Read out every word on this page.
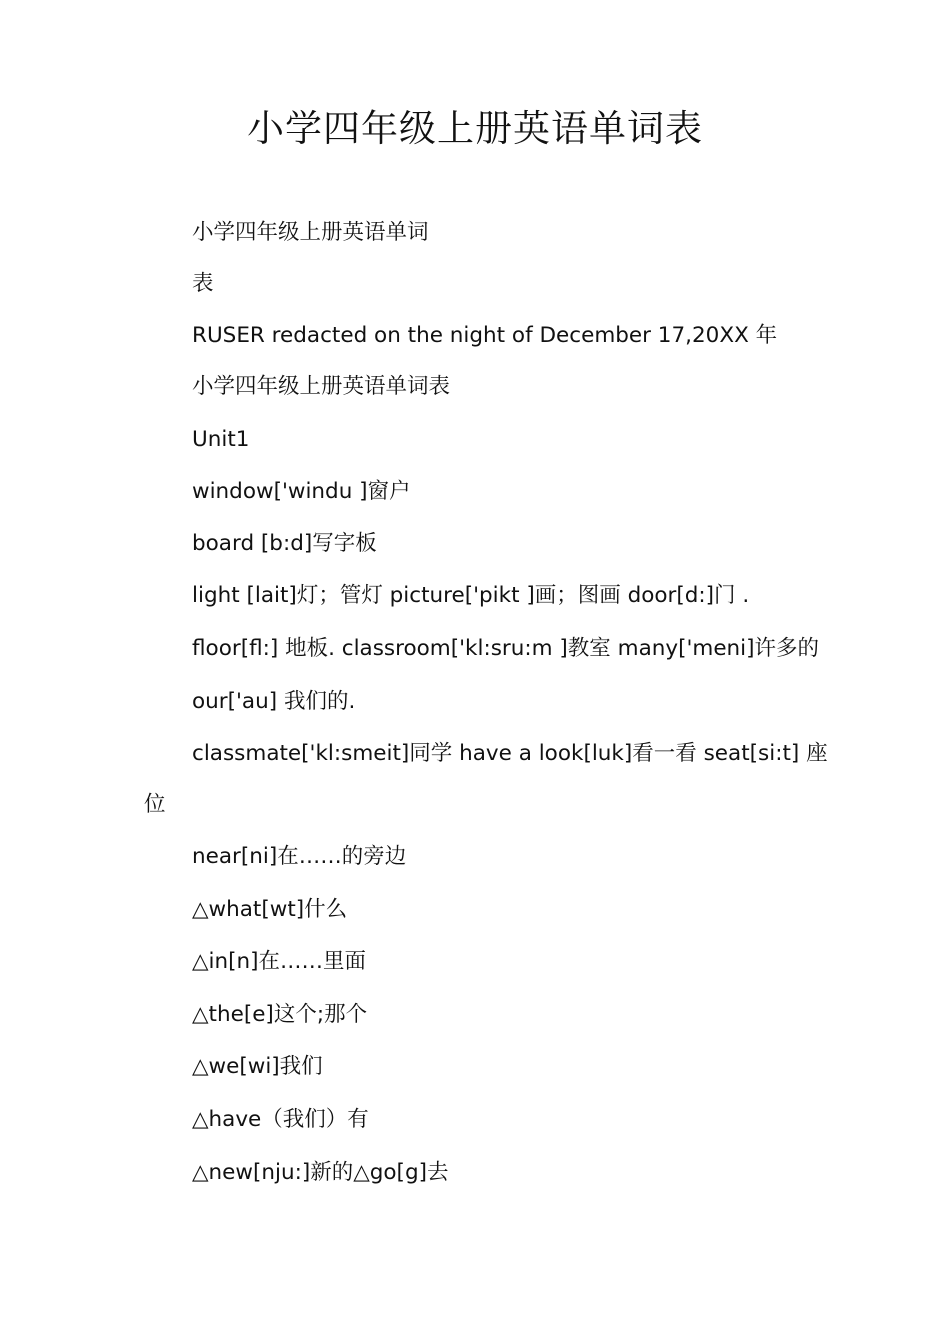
小学四年级上册英语单词表

小学四年级上册英语单词

表

RUSER redacted on the night of December 17,20XX 年

小学四年级上册英语单词表

Unit1

window['windu ]窗户

board [b:d]写字板

light [lait]灯；管灯 picture['pikt ]画；图画 door[d:]门 .

floor[fl:] 地板. classroom['kl:sru:m ]教室 many['meni]许多的

our['au] 我们的.

classmate['kl:smeit]同学 have a look[luk]看一看 seat[si:t] 座

位

near[ni]在……的旁边

△what[wt]什么

△in[n]在……里面

△the[e]这个;那个

△we[wi]我们

△have（我们）有

△new[nju:]新的△go[g]去
